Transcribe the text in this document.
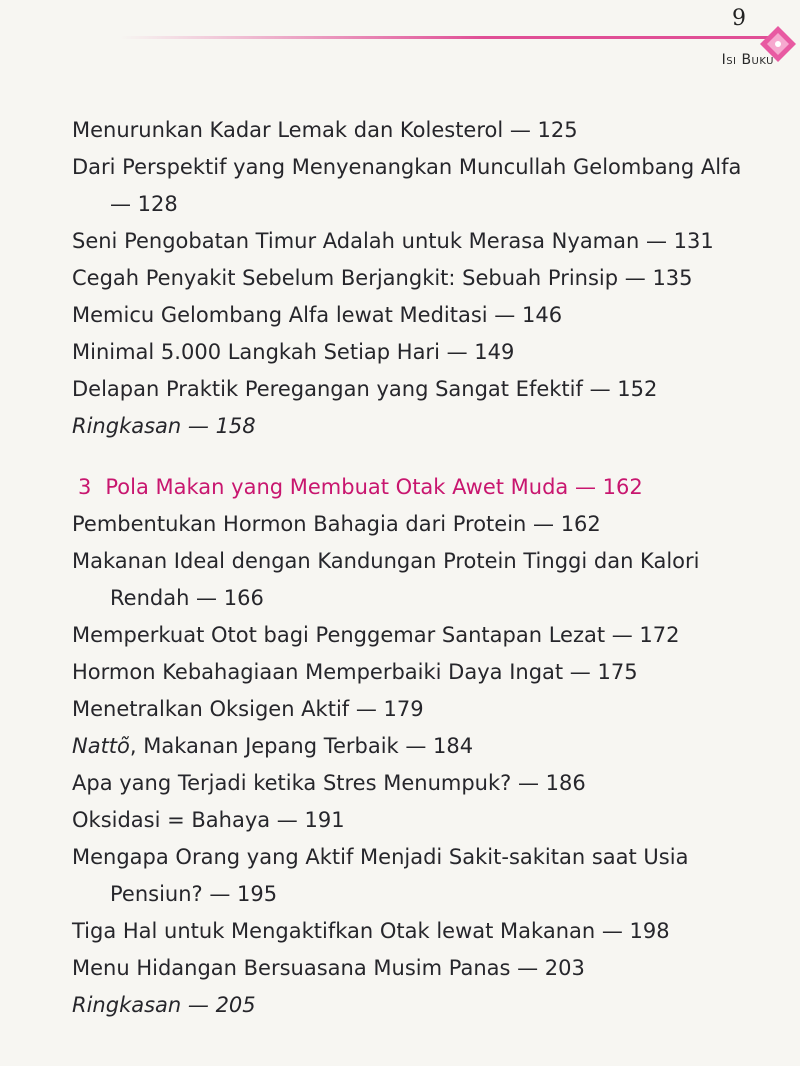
9
Isi Buku
Menurunkan Kadar Lemak dan Kolesterol — 125
Dari Perspektif yang Menyenangkan Muncullah Gelombang Alfa
— 128
Seni Pengobatan Timur Adalah untuk Merasa Nyaman — 131
Cegah Penyakit Sebelum Berjangkit: Sebuah Prinsip — 135
Memicu Gelombang Alfa lewat Meditasi — 146
Minimal 5.000 Langkah Setiap Hari — 149
Delapan Praktik Peregangan yang Sangat Efektif — 152
Ringkasan — 158
3 Pola Makan yang Membuat Otak Awet Muda — 162
Pembentukan Hormon Bahagia dari Protein — 162
Makanan Ideal dengan Kandungan Protein Tinggi dan Kalori
Rendah — 166
Memperkuat Otot bagi Penggemar Santapan Lezat — 172
Hormon Kebahagiaan Memperbaiki Daya Ingat — 175
Menetralkan Oksigen Aktif — 179
Nattõ, Makanan Jepang Terbaik — 184
Apa yang Terjadi ketika Stres Menumpuk? — 186
Oksidasi = Bahaya — 191
Mengapa Orang yang Aktif Menjadi Sakit-sakitan saat Usia
Pensiun? — 195
Tiga Hal untuk Mengaktifkan Otak lewat Makanan — 198
Menu Hidangan Bersuasana Musim Panas — 203
Ringkasan — 205
